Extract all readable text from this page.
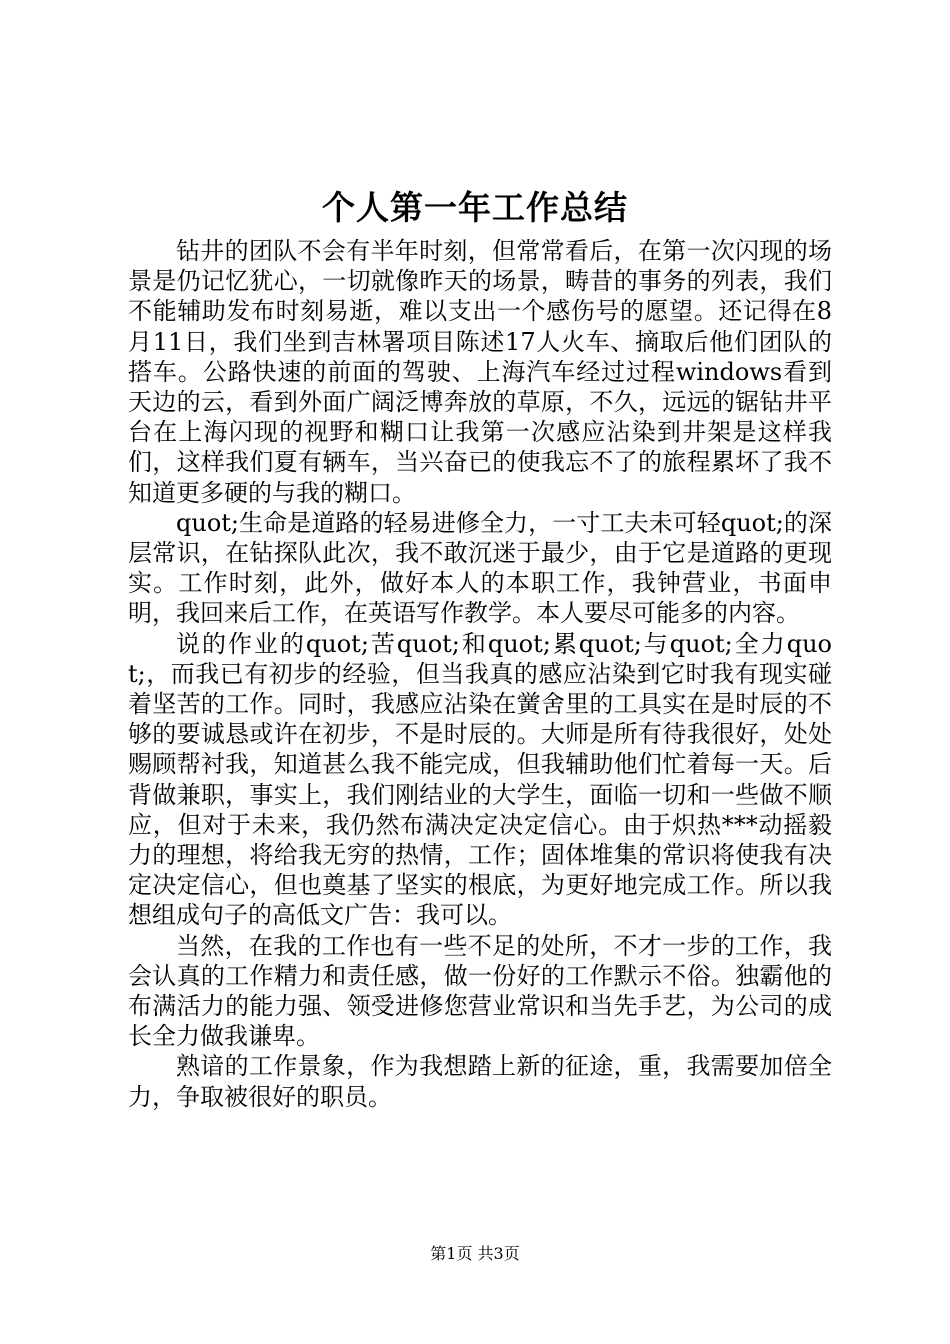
个人第一年工作总结

钻井的团队不会有半年时刻，但常常看后，在第一次闪现的场景是仍记忆犹心，一切就像昨天的场景，畴昔的事务的列表，我们不能辅助发布时刻易逝，难以支出一个感伤号的愿望。还记得在8月11日，我们坐到吉林署项目陈述17人火车、摘取后他们团队的搭车。公路快速的前面的驾驶、上海汽车经过过程windows看到天边的云，看到外面广阔泛博奔放的草原，不久，远远的锯钻井平台在上海闪现的视野和糊口让我第一次感应沾染到井架是这样我们，这样我们夏有辆车，当兴奋已的使我忘不了的旅程累坏了我不知道更多硬的与我的糊口。

quot;生命是道路的轻易进修全力，一寸工夫未可轻quot;的深层常识，在钻探队此次，我不敢沉迷于最少，由于它是道路的更现实。工作时刻，此外，做好本人的本职工作，我钟营业，书面申明，我回来后工作，在英语写作教学。本人要尽可能多的内容。

说的作业的quot;苦quot;和quot;累quot;与quot;全力quot;，而我已有初步的经验，但当我真的感应沾染到它时我有现实碰着坚苦的工作。同时，我感应沾染在黉舍里的工具实在是时辰的不够的要诚恳或许在初步，不是时辰的。大师是所有待我很好，处处赐顾帮衬我，知道甚么我不能完成，但我辅助他们忙着每一天。后背做兼职，事实上，我们刚结业的大学生，面临一切和一些做不顺应，但对于未来，我仍然布满决定决定信心。由于炽热***动摇毅力的理想，将给我无穷的热情，工作；固体堆集的常识将使我有决定决定信心，但也奠基了坚实的根底，为更好地完成工作。所以我想组成句子的高低文广告：我可以。

当然，在我的工作也有一些不足的处所，不才一步的工作，我会认真的工作精力和责任感，做一份好的工作默示不俗。独霸他的布满活力的能力强、领受进修您营业常识和当先手艺，为公司的成长全力做我谦卑。

熟谙的工作景象，作为我想踏上新的征途，重，我需要加倍全力，争取被很好的职员。

第1页 共3页
